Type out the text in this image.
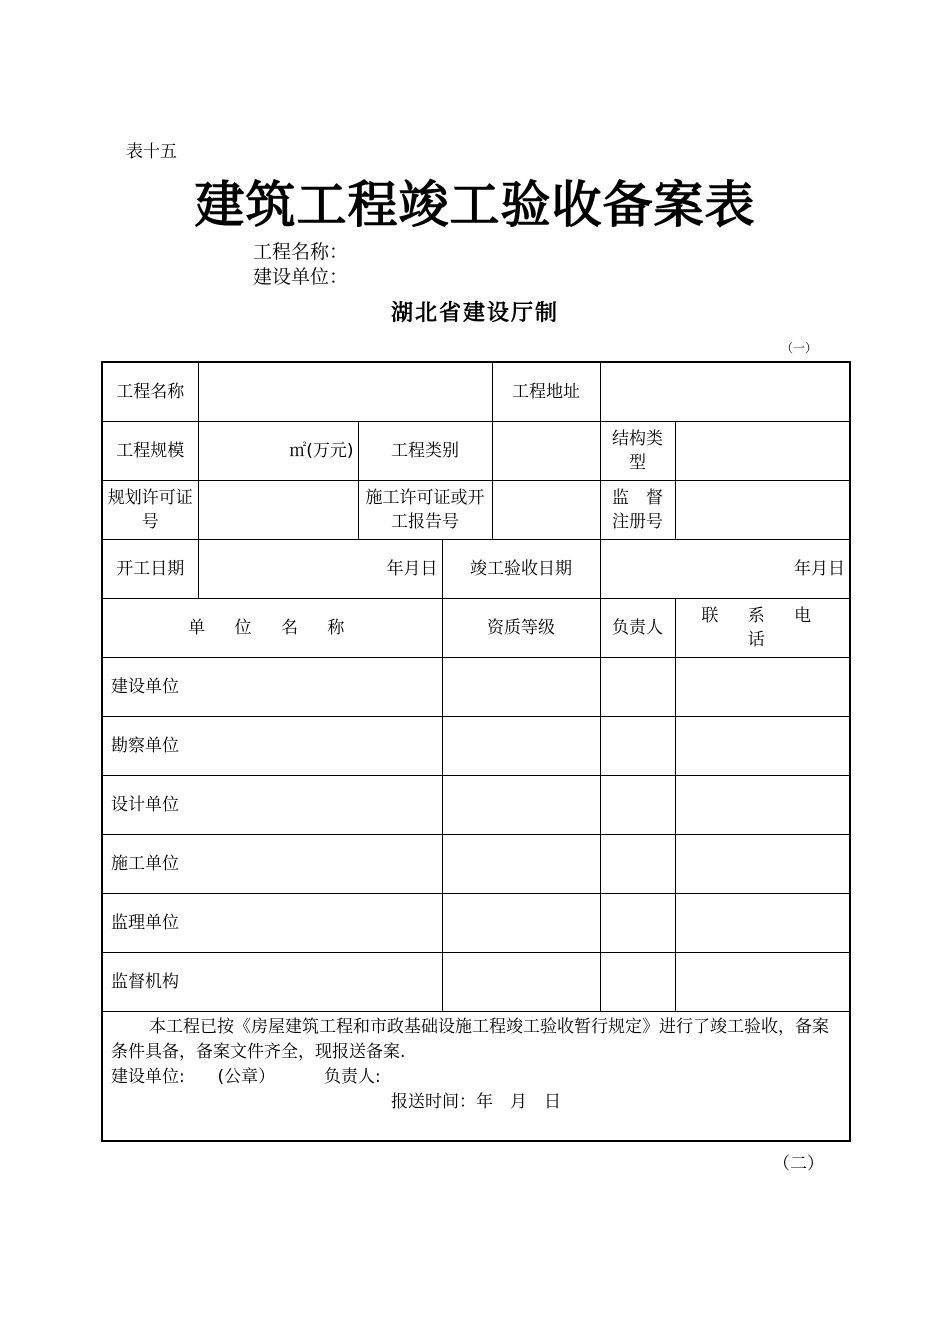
表十五
建筑工程竣工验收备案表
工程名称：
建设单位：
湖北省建设厅制
（一）
工程名称				工程地址		
工程规模	㎡(万元)	工程类别			结构类型	
规划许可证号		施工许可证或开工报告号			监　督注册号	
开工日期	年月日		竣工验收日期		年月日	
单 位 名 称			资质等级		负责人	联 系 电 话
建设单位						
勘察单位						
设计单位						
施工单位						
监理单位						
监督机构						

本工程已按《房屋建筑工程和市政基础设施工程竣工验收暂行规定》进行了竣工验收，备案条件具备，备案文件齐全，现报送备案.
建设单位: (公章） 负责人:
报送时间：年　月　日						
（二）
